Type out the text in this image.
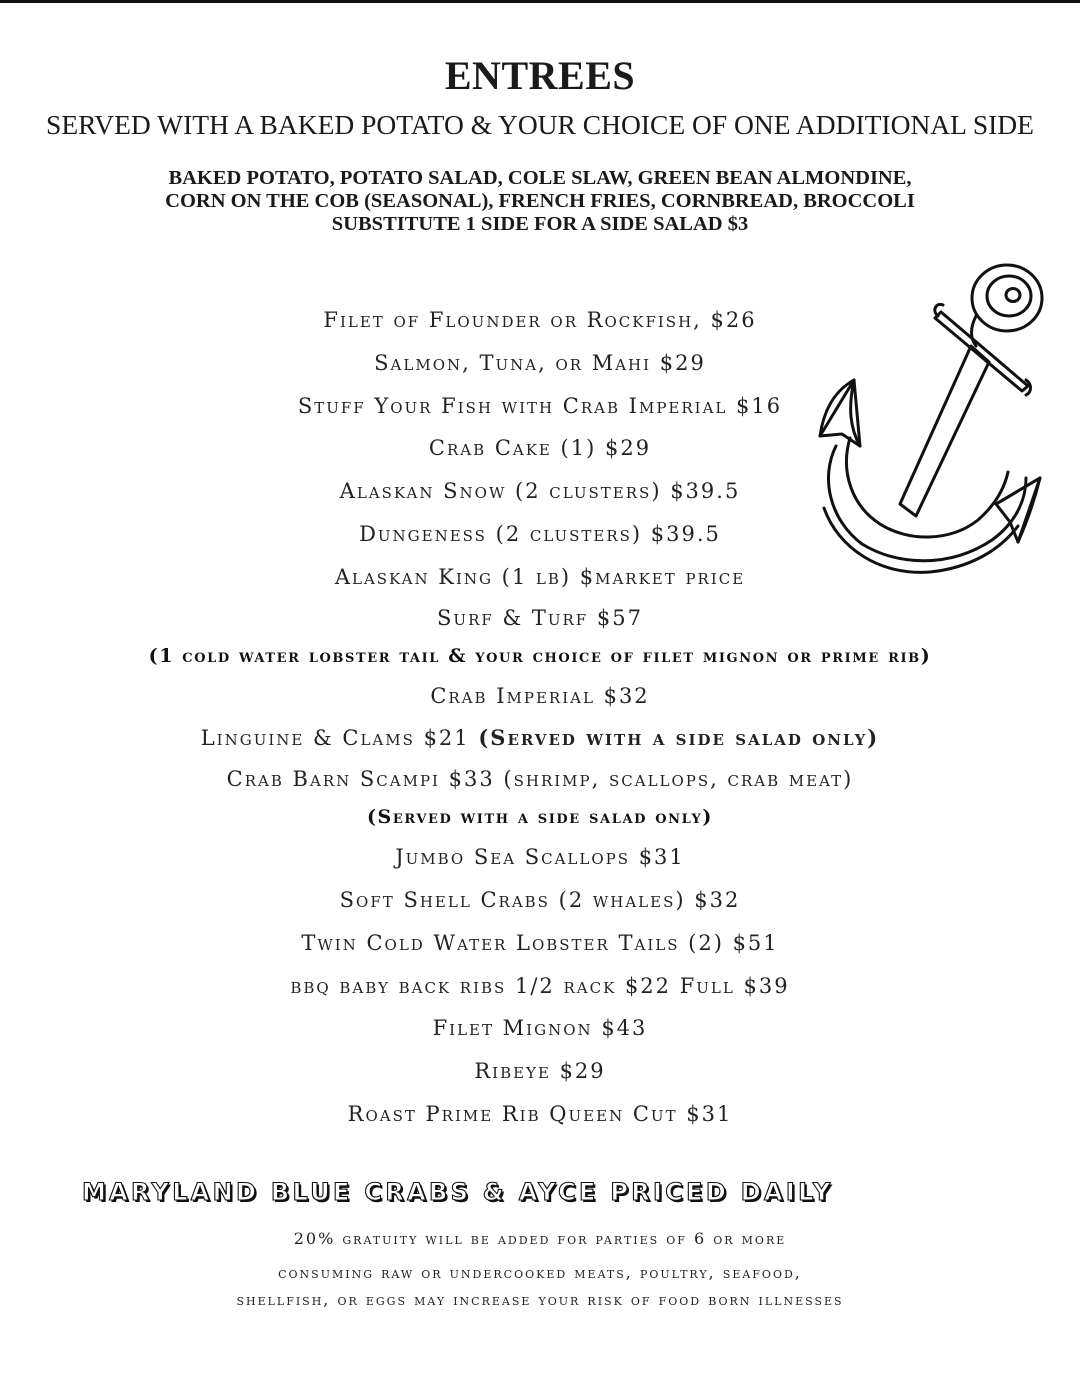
ENTREES
SERVED WITH A BAKED POTATO & YOUR CHOICE OF ONE ADDITIONAL SIDE
BAKED POTATO, POTATO SALAD, COLE SLAW, GREEN BEAN ALMONDINE,
CORN ON THE COB (SEASONAL), FRENCH FRIES, CORNBREAD, BROCCOLI
SUBSTITUTE 1 SIDE FOR A SIDE SALAD $3
Filet of Flounder or Rockfish, $26
Salmon, Tuna, or Mahi $29
Stuff Your Fish with Crab Imperial $16
Crab Cake (1) $29
Alaskan Snow (2 clusters) $39.5
Dungeness (2 clusters) $39.5
Alaskan King (1 lb) $market price
Surf & Turf $57
(1 cold water lobster tail & your choice of filet mignon or prime rib)
Crab Imperial $32
Linguine & Clams $21 (Served with a side salad only)
Crab Barn Scampi $33 (shrimp, scallops, crab meat)
(Served with a side salad only)
Jumbo Sea Scallops $31
Soft Shell Crabs (2 whales) $32
Twin Cold Water Lobster Tails (2) $51
bbq baby back ribs 1/2 rack $22 Full $39
Filet Mignon $43
Ribeye $29
Roast Prime Rib Queen Cut $31
MARYLAND BLUE CRABS & AYCE PRICED DAILY
20% gratuity will be added for parties of 6 or more
consuming raw or undercooked meats, poultry, seafood,
shellfish, or eggs may increase your risk of food born illnesses
